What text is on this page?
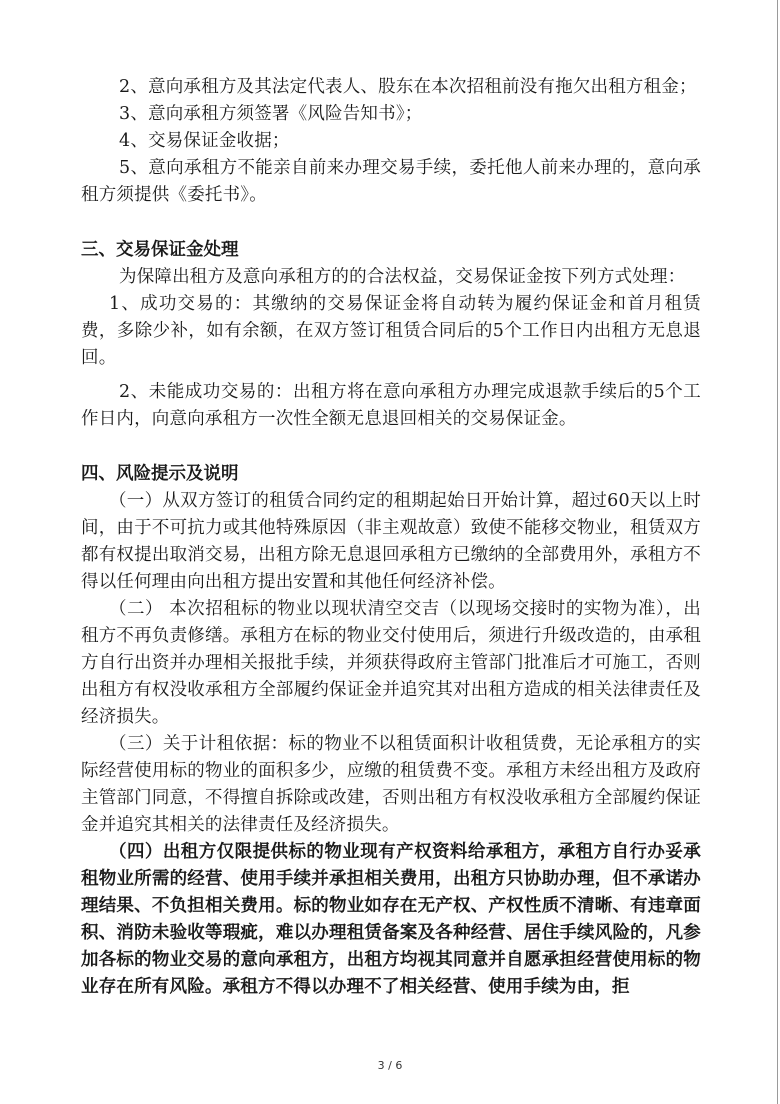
2、意向承租方及其法定代表人、股东在本次招租前没有拖欠出租方租金；

3、意向承租方须签署《风险告知书》；

4、交易保证金收据；

5、意向承租方不能亲自前来办理交易手续，委托他人前来办理的，意向承租方须提供《委托书》。

三、交易保证金处理

为保障出租方及意向承租方的的合法权益，交易保证金按下列方式处理：

1、成功交易的：其缴纳的交易保证金将自动转为履约保证金和首月租赁费，多除少补，如有余额，在双方签订租赁合同后的5个工作日内出租方无息退回。

2、未能成功交易的：出租方将在意向承租方办理完成退款手续后的5个工作日内，向意向承租方一次性全额无息退回相关的交易保证金。

四、风险提示及说明

（一）从双方签订的租赁合同约定的租期起始日开始计算，超过60天以上时间，由于不可抗力或其他特殊原因（非主观故意）致使不能移交物业，租赁双方都有权提出取消交易，出租方除无息退回承租方已缴纳的全部费用外，承租方不得以任何理由向出租方提出安置和其他任何经济补偿。

（二） 本次招租标的物业以现状清空交吉（以现场交接时的实物为准），出租方不再负责修缮。承租方在标的物业交付使用后，须进行升级改造的，由承租方自行出资并办理相关报批手续，并须获得政府主管部门批准后才可施工，否则出租方有权没收承租方全部履约保证金并追究其对出租方造成的相关法律责任及经济损失。

（三）关于计租依据：标的物业不以租赁面积计收租赁费，无论承租方的实际经营使用标的物业的面积多少，应缴的租赁费不变。承租方未经出租方及政府主管部门同意，不得擅自拆除或改建，否则出租方有权没收承租方全部履约保证金并追究其相关的法律责任及经济损失。

（四）出租方仅限提供标的物业现有产权资料给承租方，承租方自行办妥承租物业所需的经营、使用手续并承担相关费用，出租方只协助办理，但不承诺办理结果、不负担相关费用。标的物业如存在无产权、产权性质不清晰、有违章面积、消防未验收等瑕疵，难以办理租赁备案及各种经营、居住手续风险的，凡参加各标的物业交易的意向承租方，出租方均视其同意并自愿承担经营使用标的物业存在所有风险。承租方不得以办理不了相关经营、使用手续为由，拒

3 / 6
